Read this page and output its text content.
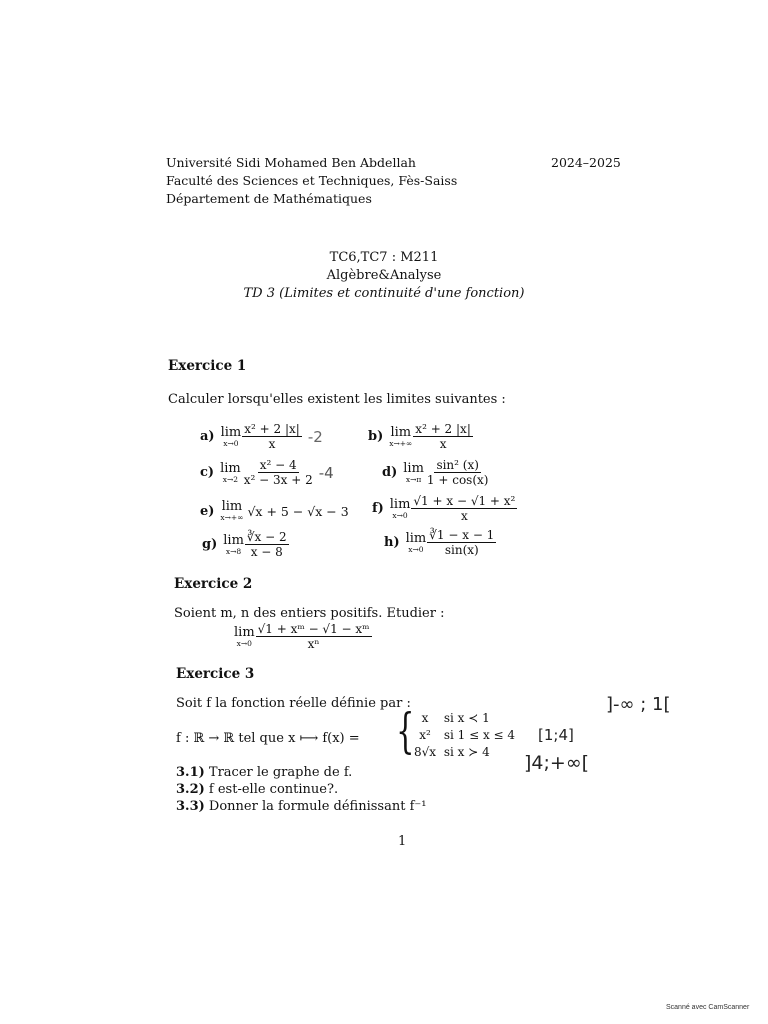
Université Sidi Mohamed Ben Abdellah
Faculté des Sciences et Techniques, Fès-Saiss
Département de Mathématiques
2024–2025
TC6,TC7 : M211
Algèbre&Analyse
TD 3 (Limites et continuité d'une fonction)
Exercice 1
Calculer lorsqu'elles existent les limites suivantes :
a) lim
$x\to 0 \frac{\text{x² + 2 |x|}}{x} -2$	b) lim
$x\to+\infty \frac{\text{x² + 2 |x|}}{x}$
c) lim
$x\to 2 \frac{\text{x² − 4}}{\text{x² − 3x + 2}} -4$	d) lim
$x\to\pi \frac{\text{sin² (x)}}{1 + \cos(x)}$
e) lim
x→+∞ √x + 5 − √x − 3 f) lim
$x\to 0 \frac{\text{√1 + x − √1 + x²}}{x}$
g) lim
$x\to 8 \frac{∛x - 2}{x - 8}$	h) lim
$x\to 0 \frac{∛1 - x - 1}{\sin(x)}$
Exercice 2
Soient m, n des entiers positifs. Etudier :
lim
$x\to 0 \frac{\text{√1 + xᵐ − √1 − xᵐ}}{\text{xⁿ}}$
Exercice 3
Soit f la fonction réelle définie par :
f : ℝ → ℝ tel que x ⟼ f(x) = { x si x ≺ 1
x² si 1 ≤ x ≤ 4
8√x si x ≻ 4
]-∞ ; 1[
[1;4]
]4;+∞[
3.1) Tracer le graphe de f.
3.2) f est-elle continue?.
3.3) Donner la formule définissant f⁻¹
1
Scanné avec CamScanner
